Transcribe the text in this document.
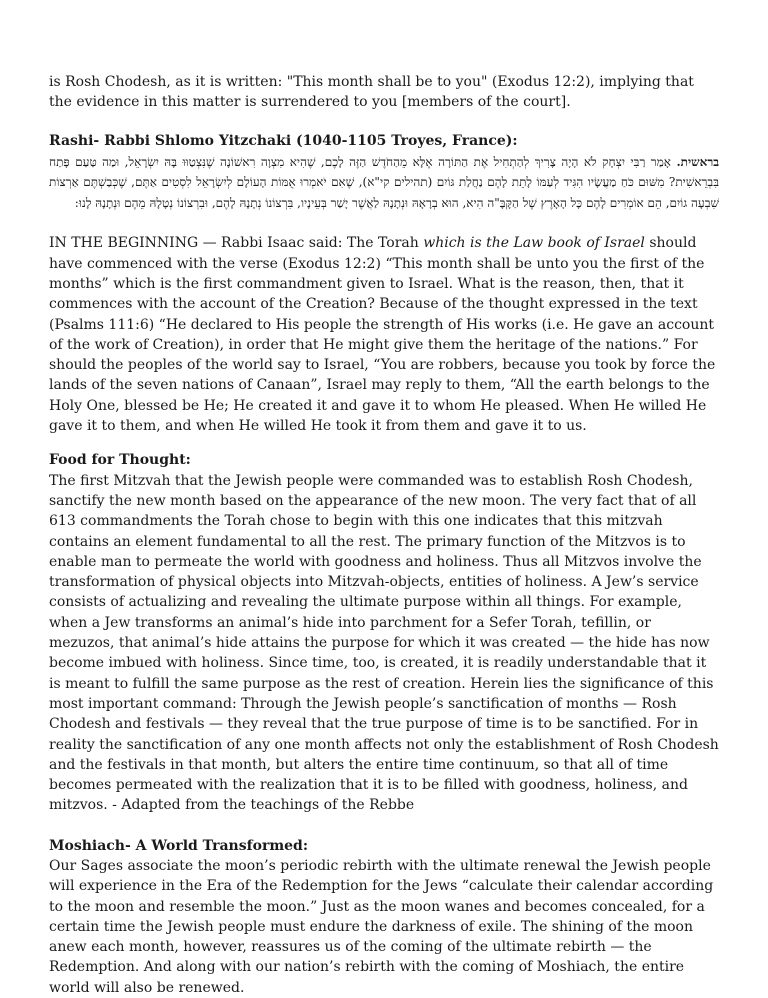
is Rosh Chodesh, as it is written: "This month shall be to you" (Exodus 12:2), implying that the evidence in this matter is surrendered to you [members of the court].

Rashi- Rabbi Shlomo Yitzchaki (1040-1105 Troyes, France):

בראשית. אָמַר רַבִּי יִצְחָק לֹא הָיָה צָרִיךְ לְהַתְחִיל אֶת הַתּוֹרָה אֶלָּא מֵהַחֹדֶשׁ הַזֶּה לָכֶם, שֶׁהִיא מִצְוָה רִאשׁוֹנָה שֶׁנִּצְטַוּוּ בָּהּ יִשְׂרָאֵל, וּמַה טַּעַם פָּתַח בִּבְרֵאשִׁית? מִשּׁוּם כֹּחַ מַעֲשָׂיו הִגִּיד לְעַמּוֹ לָתֵת לָהֶם נַחֲלַת גּוֹיִם (תהילים קי"א), שֶׁאִם יֹאמְרוּ אֻמּוֹת הָעוֹלָם לְיִשְׂרָאֵל לִסְטִים אַתֶּם, שֶׁכְּבַשְׁתֶּם אַרְצוֹת שִׁבְעָה גוֹיִם, הֵם אוֹמְרִים לָהֶם כָּל הָאָרֶץ שֶׁל הַקָּבָּ"ה הִיא, הוּא בְרָאָהּ וּנְתָנָהּ לַאֲשֶׁר יָשַׁר בְּעֵינָיו, בִּרְצוֹנוֹ נְתָנָהּ לָהֶם, וּבִרְצוֹנוֹ נְטָלָהּ מֵהֶם וּנְתָנָהּ לָנוּ:

IN THE BEGINNING — Rabbi Isaac said: The Torah which is the Law book of Israel should have commenced with the verse (Exodus 12:2) “This month shall be unto you the first of the months” which is the first commandment given to Israel. What is the reason, then, that it commences with the account of the Creation? Because of the thought expressed in the text (Psalms 111:6) “He declared to His people the strength of His works (i.e. He gave an account of the work of Creation), in order that He might give them the heritage of the nations.” For should the peoples of the world say to Israel, “You are robbers, because you took by force the lands of the seven nations of Canaan”, Israel may reply to them, “All the earth belongs to the Holy One, blessed be He; He created it and gave it to whom He pleased. When He willed He gave it to them, and when He willed He took it from them and gave it to us.

Food for Thought:

The first Mitzvah that the Jewish people were commanded was to establish Rosh Chodesh, sanctify the new month based on the appearance of the new moon. The very fact that of all 613 commandments the Torah chose to begin with this one indicates that this mitzvah contains an element fundamental to all the rest. The primary function of the Mitzvos is to enable man to permeate the world with goodness and holiness. Thus all Mitzvos involve the transformation of physical objects into Mitzvah-objects, entities of holiness. A Jew’s service consists of actualizing and revealing the ultimate purpose within all things. For example, when a Jew transforms an animal’s hide into parchment for a Sefer Torah, tefillin, or mezuzos, that animal’s hide attains the purpose for which it was created — the hide has now become imbued with holiness. Since time, too, is created, it is readily understandable that it is meant to fulfill the same purpose as the rest of creation. Herein lies the significance of this most important command: Through the Jewish people’s sanctification of months — Rosh Chodesh and festivals — they reveal that the true purpose of time is to be sanctified. For in reality the sanctification of any one month affects not only the establishment of Rosh Chodesh and the festivals in that month, but alters the entire time continuum, so that all of time becomes permeated with the realization that it is to be filled with goodness, holiness, and mitzvos. - Adapted from the teachings of the Rebbe

Moshiach- A World Transformed:

Our Sages associate the moon’s periodic rebirth with the ultimate renewal the Jewish people will experience in the Era of the Redemption for the Jews “calculate their calendar according to the moon and resemble the moon.” Just as the moon wanes and becomes concealed, for a certain time the Jewish people must endure the darkness of exile. The shining of the moon anew each month, however, reassures us of the coming of the ultimate rebirth — the Redemption. And along with our nation’s rebirth with the coming of Moshiach, the entire world will also be renewed.
